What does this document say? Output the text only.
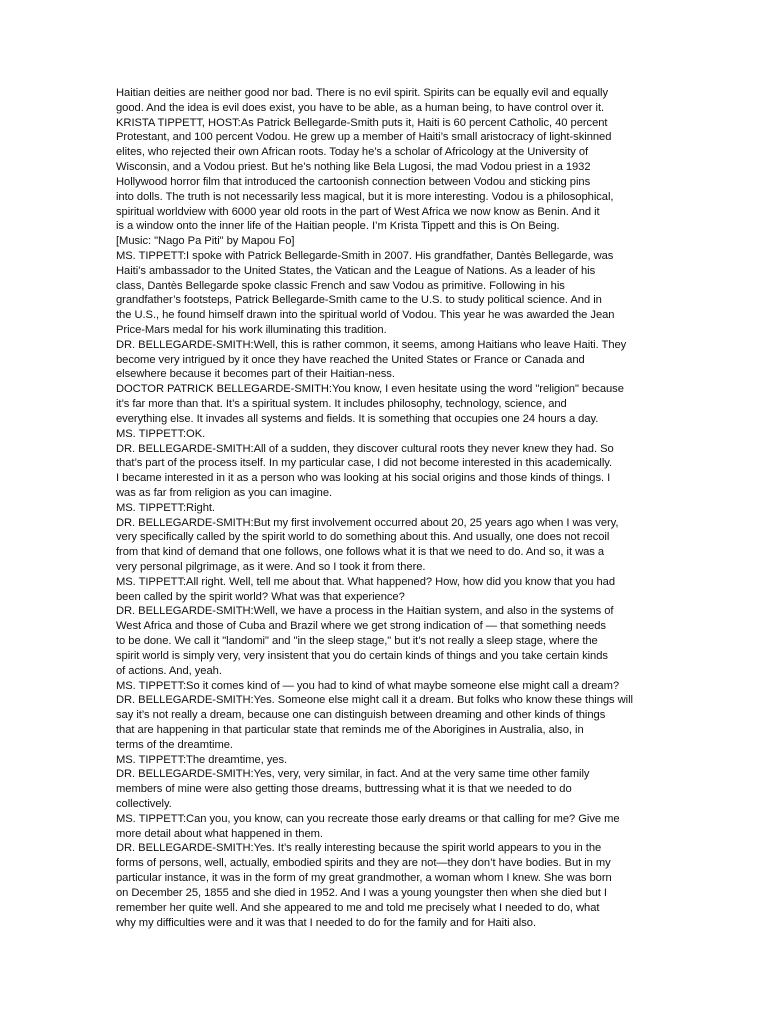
Haitian deities are neither good nor bad. There is no evil spirit. Spirits can be equally evil and equally
good. And the idea is evil does exist, you have to be able, as a human being, to have control over it.
KRISTA TIPPETT, HOST:As Patrick Bellegarde-Smith puts it, Haiti is 60 percent Catholic, 40 percent
Protestant, and 100 percent Vodou. He grew up a member of Haiti’s small aristocracy of light-skinned
elites, who rejected their own African roots. Today he’s a scholar of Africology at the University of
Wisconsin, and a Vodou priest. But he’s nothing like Bela Lugosi, the mad Vodou priest in a 1932
Hollywood horror film that introduced the cartoonish connection between Vodou and sticking pins
into dolls. The truth is not necessarily less magical, but it is more interesting. Vodou is a philosophical,
spiritual worldview with 6000 year old roots in the part of West Africa we now know as Benin. And it
is a window onto the inner life of the Haitian people. I’m Krista Tippett and this is On Being.
[Music: "Nago Pa Piti" by Mapou Fo]
MS. TIPPETT:I spoke with Patrick Bellegarde-Smith in 2007. His grandfather, Dantès Bellegarde, was
Haiti’s ambassador to the United States, the Vatican and the League of Nations. As a leader of his
class, Dantès Bellegarde spoke classic French and saw Vodou as primitive. Following in his
grandfather’s footsteps, Patrick Bellegarde-Smith came to the U.S. to study political science. And in
the U.S., he found himself drawn into the spiritual world of Vodou. This year he was awarded the Jean
Price-Mars medal for his work illuminating this tradition.
DR. BELLEGARDE-SMITH:Well, this is rather common, it seems, among Haitians who leave Haiti. They
become very intrigued by it once they have reached the United States or France or Canada and
elsewhere because it becomes part of their Haitian-ness.
DOCTOR PATRICK BELLEGARDE-SMITH:You know, I even hesitate using the word "religion" because
it’s far more than that. It’s a spiritual system. It includes philosophy, technology, science, and
everything else. It invades all systems and fields. It is something that occupies one 24 hours a day.
MS. TIPPETT:OK.
DR. BELLEGARDE-SMITH:All of a sudden, they discover cultural roots they never knew they had. So
that’s part of the process itself. In my particular case, I did not become interested in this academically.
I became interested in it as a person who was looking at his social origins and those kinds of things. I
was as far from religion as you can imagine.
MS. TIPPETT:Right.
DR. BELLEGARDE-SMITH:But my first involvement occurred about 20, 25 years ago when I was very,
very specifically called by the spirit world to do something about this. And usually, one does not recoil
from that kind of demand that one follows, one follows what it is that we need to do. And so, it was a
very personal pilgrimage, as it were. And so I took it from there.
MS. TIPPETT:All right. Well, tell me about that. What happened? How, how did you know that you had
been called by the spirit world? What was that experience?
DR. BELLEGARDE-SMITH:Well, we have a process in the Haitian system, and also in the systems of
West Africa and those of Cuba and Brazil where we get strong indication of — that something needs
to be done. We call it "landomi" and "in the sleep stage," but it’s not really a sleep stage, where the
spirit world is simply very, very insistent that you do certain kinds of things and you take certain kinds
of actions. And, yeah.
MS. TIPPETT:So it comes kind of — you had to kind of what maybe someone else might call a dream?
DR. BELLEGARDE-SMITH:Yes. Someone else might call it a dream. But folks who know these things will
say it’s not really a dream, because one can distinguish between dreaming and other kinds of things
that are happening in that particular state that reminds me of the Aborigines in Australia, also, in
terms of the dreamtime.
MS. TIPPETT:The dreamtime, yes.
DR. BELLEGARDE-SMITH:Yes, very, very similar, in fact. And at the very same time other family
members of mine were also getting those dreams, buttressing what it is that we needed to do
collectively.
MS. TIPPETT:Can you, you know, can you recreate those early dreams or that calling for me? Give me
more detail about what happened in them.
DR. BELLEGARDE-SMITH:Yes. It’s really interesting because the spirit world appears to you in the
forms of persons, well, actually, embodied spirits and they are not—they don’t have bodies. But in my
particular instance, it was in the form of my great grandmother, a woman whom I knew. She was born
on December 25, 1855 and she died in 1952. And I was a young youngster then when she died but I
remember her quite well. And she appeared to me and told me precisely what I needed to do, what
why my difficulties were and it was that I needed to do for the family and for Haiti also.
